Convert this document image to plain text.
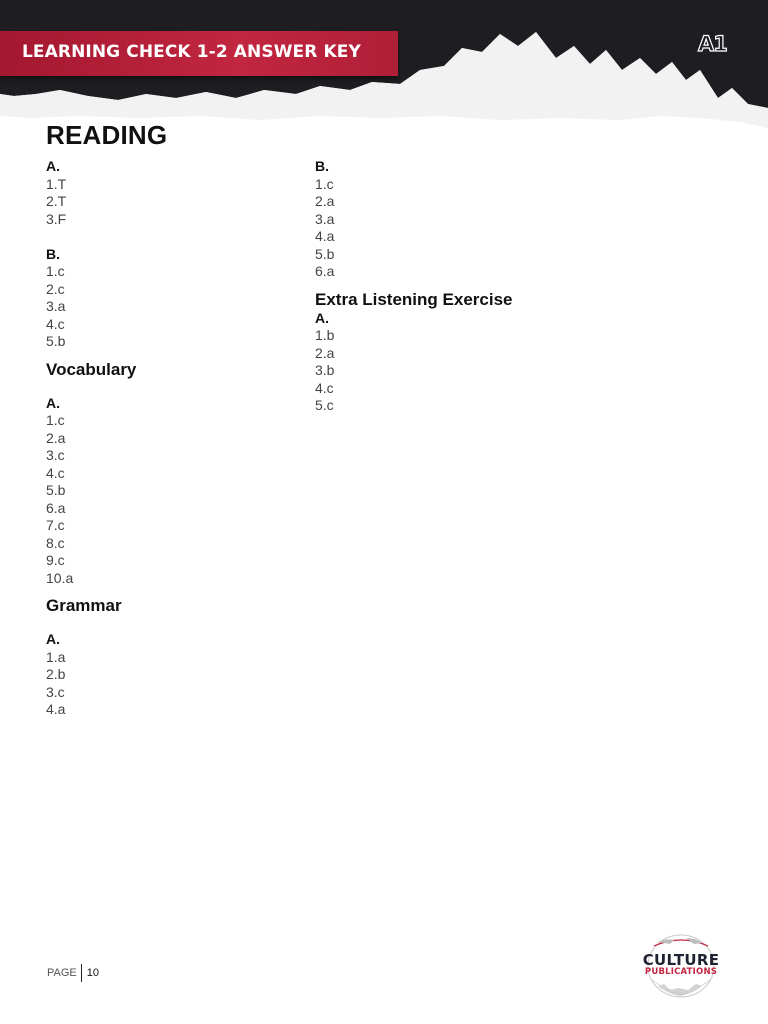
LEARNING CHECK 1-2 ANSWER KEY	A1
READING
A.
1.T
2.T
3.F
B.
1.c
2.c
3.a
4.c
5.b
Vocabulary
A.
1.c
2.a
3.c
4.c
5.b
6.a
7.c
8.c
9.c
10.a
Grammar
A.
1.a
2.b
3.c
4.a
B.
1.c
2.a
3.a
4.a
5.b
6.a
Extra Listening Exercise
A.
1.b
2.a
3.b
4.c
5.c
PAGE 10
CULTURE
PUBLICATIONS
